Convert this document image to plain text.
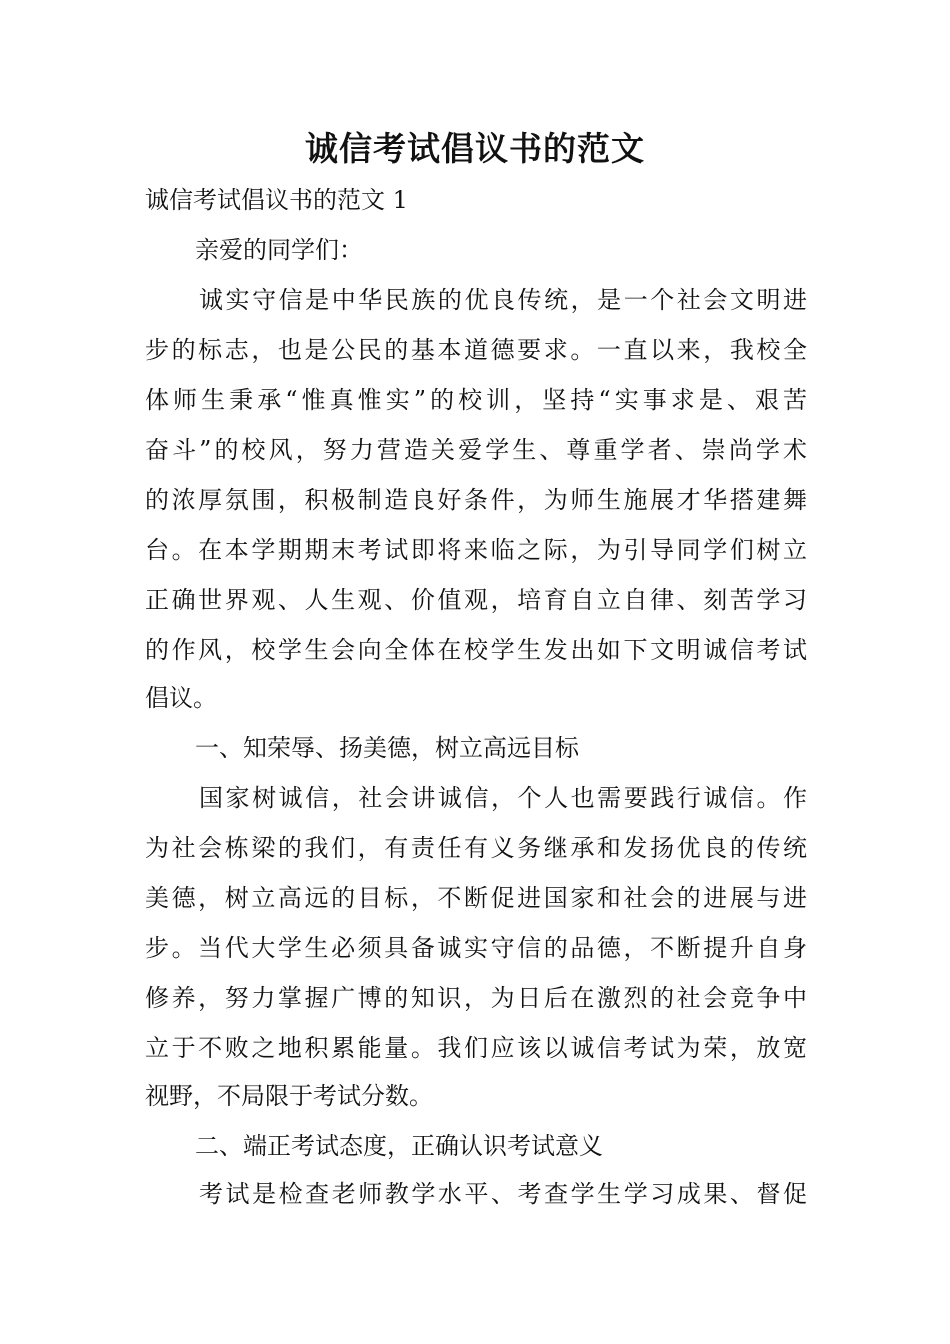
诚信考试倡议书的范文

诚信考试倡议书的范文 1

亲爱的同学们：

诚实守信是中华民族的优良传统，是一个社会文明进

步的标志，也是公民的基本道德要求。一直以来，我校全

体师生秉承“惟真惟实”的校训，坚持“实事求是、艰苦

奋斗”的校风，努力营造关爱学生、尊重学者、崇尚学术

的浓厚氛围，积极制造良好条件，为师生施展才华搭建舞

台。在本学期期末考试即将来临之际，为引导同学们树立

正确世界观、人生观、价值观，培育自立自律、刻苦学习

的作风，校学生会向全体在校学生发出如下文明诚信考试

倡议。

一、知荣辱、扬美德，树立高远目标

国家树诚信，社会讲诚信，个人也需要践行诚信。作

为社会栋梁的我们，有责任有义务继承和发扬优良的传统

美德，树立高远的目标，不断促进国家和社会的进展与进

步。当代大学生必须具备诚实守信的品德，不断提升自身

修养，努力掌握广博的知识，为日后在激烈的社会竞争中

立于不败之地积累能量。我们应该以诚信考试为荣，放宽

视野，不局限于考试分数。

二、端正考试态度，正确认识考试意义

考试是检查老师教学水平、考查学生学习成果、督促
